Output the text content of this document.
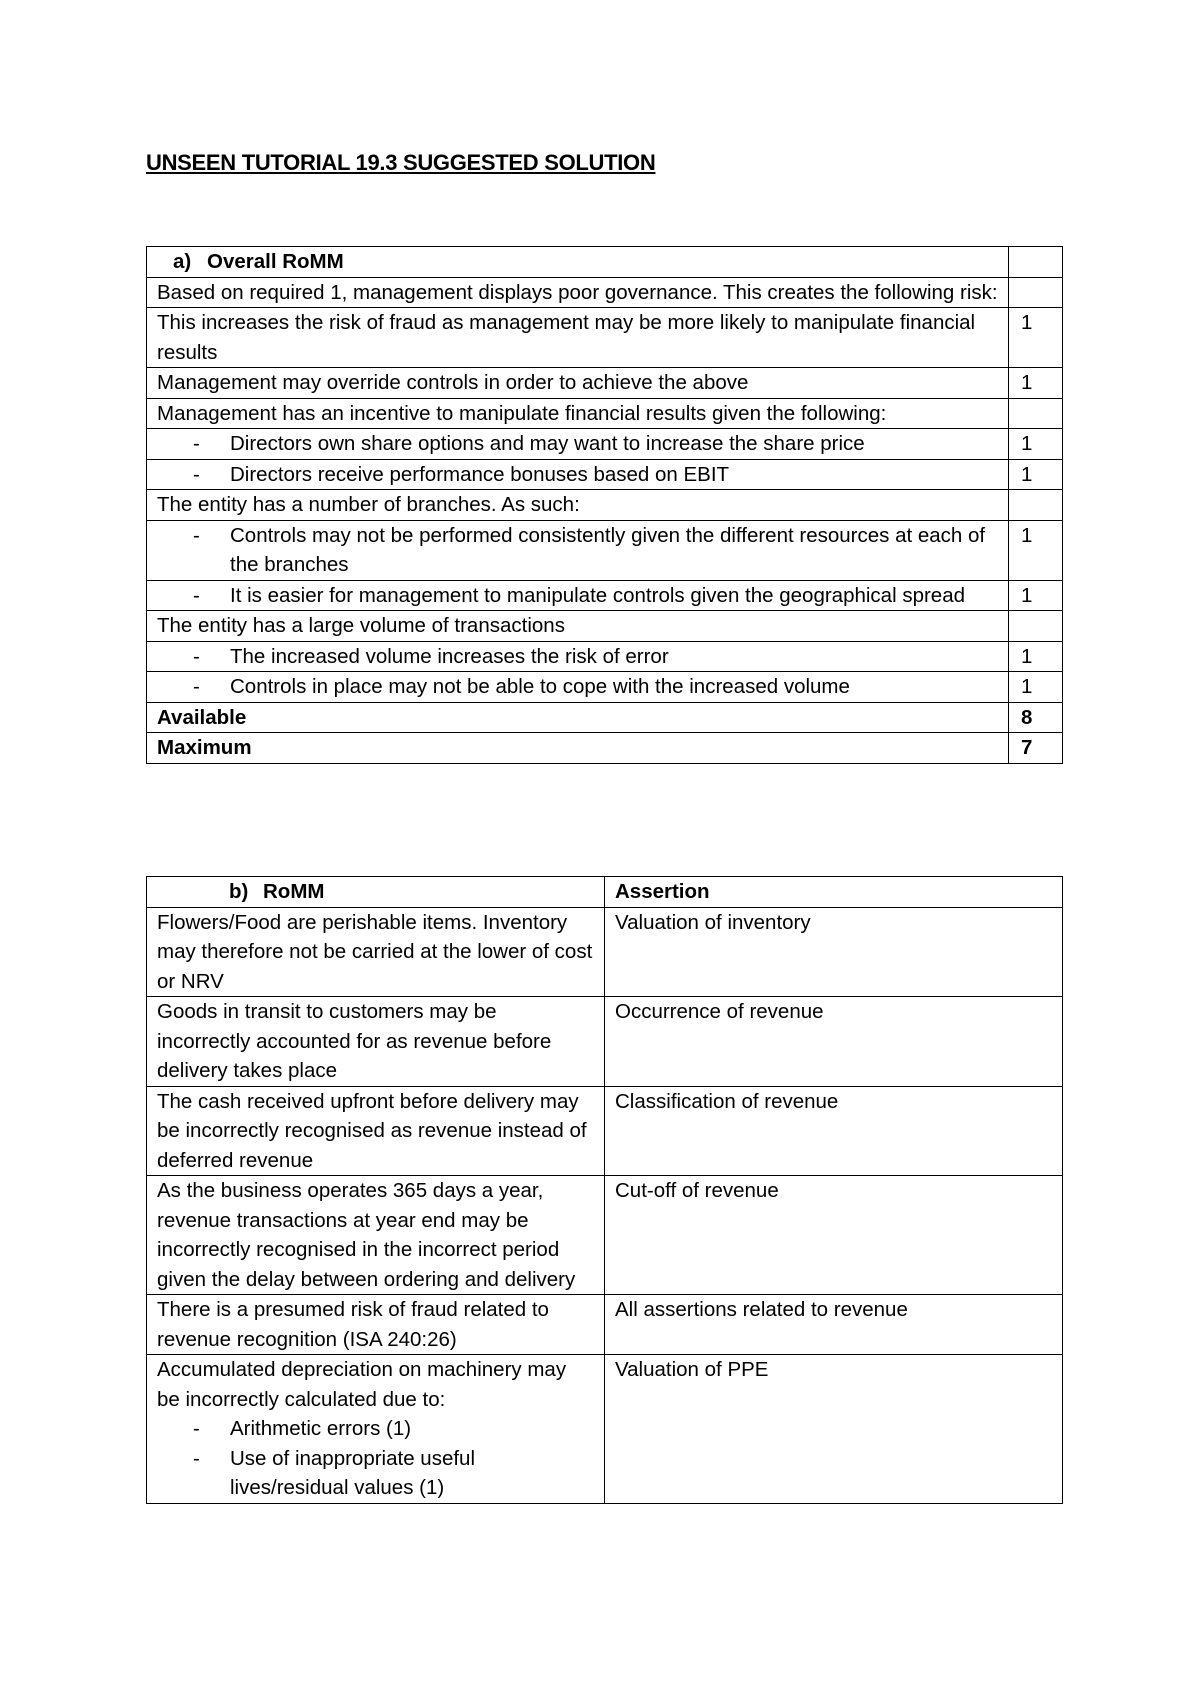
UNSEEN TUTORIAL 19.3 SUGGESTED SOLUTION
a) Overall RoMM	
Based on required 1, management displays poor governance. This creates the following risk:	
This increases the risk of fraud as management may be more likely to manipulate financial results	1
Management may override controls in order to achieve the above	1
Management has an incentive to manipulate financial results given the following:	

- Directors own share options and may want to increase the share price	1

- Directors receive performance bonuses based on EBIT	1
The entity has a number of branches. As such:	

- Controls may not be performed consistently given the different resources at each of the branches	1

- It is easier for management to manipulate controls given the geographical spread	1
The entity has a large volume of transactions	

- The increased volume increases the risk of error	1

- Controls in place may not be able to cope with the increased volume	1
Available	8
Maximum	7
b) RoMM	Assertion
Flowers/Food are perishable items. Inventory may therefore not be carried at the lower of cost or NRV	Valuation of inventory
Goods in transit to customers may be incorrectly accounted for as revenue before delivery takes place	Occurrence of revenue
The cash received upfront before delivery may be incorrectly recognised as revenue instead of deferred revenue	Classification of revenue
As the business operates 365 days a year, revenue transactions at year end may be incorrectly recognised in the incorrect period given the delay between ordering and delivery	Cut-off of revenue
There is a presumed risk of fraud related to revenue recognition (ISA 240:26)	All assertions related to revenue

Accumulated depreciation on machinery may be incorrectly calculated due to:
- Arithmetic errors (1)
- Use of inappropriate useful lives/residual values (1)	Valuation of PPE
